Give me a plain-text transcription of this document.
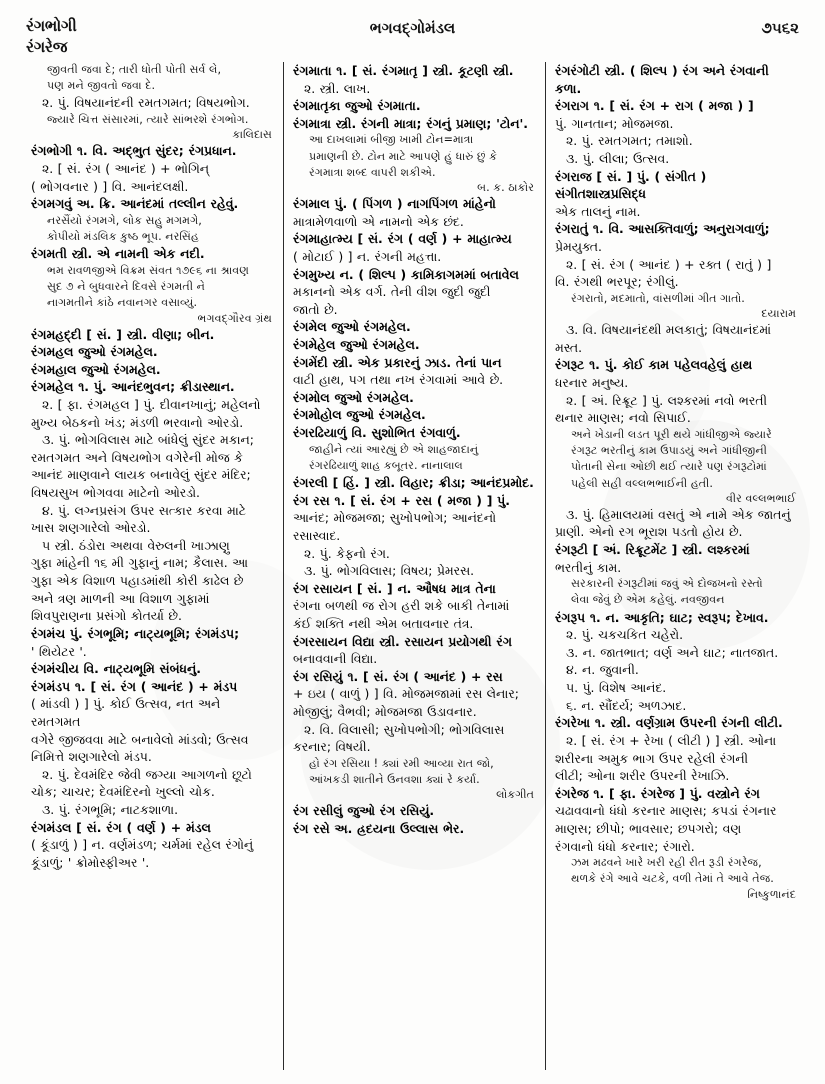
રંગભોગી
રંગરેજ
ભગવદ્ગોમંડલ	૭૫૬૨
જીવતી જવા દે; તારી ધોતી પોતી સર્વ લે,
પણ મને જીવતો જવા દે.
૨. પું. વિષયાનંદની રમતગમત; વિષયભોગ.
જ્યારે ચિત્ત સંસારમાં, ત્યારે સાંભરશે રંગભોગ.
કાલિદાસ
રંગભોગી ૧. વિ. અદ્ભુત સુંદર; રંગપ્રધાન.
૨. [ સં. રંગ ( આનંદ ) + ભોગિન્
( ભોગવનાર ) ] વિ. આનંદલક્ષી.
રંગમગવું અ. ક્રિ. આનંદમાં તલ્લીન રહેવું.
નરસૈંયો રંગમગે, લોક સહુ મગમગે,
કોપીયો મંડલિક કુષ્ઠ ભૂપ. નરસિંહ
રંગમતી સ્ત્રી. એ નામની એક નદી.
ભમ રાવળજીએ વિક્રમ સંવત ૧૭૯૬ ના શ્રાવણ
સુદ ૭ ને બુધવારને દિવસે રંગમતી ને
નાગમતીને કાંઠે નવાનગર વસાવ્યું.
ભગવદ્ગૌરવ ગ્રંથ
રંગમહદ્દી [ સં. ] સ્ત્રી. વીણા; બીન.
રંગમહલ જુઓ રંગમહેલ.
રંગમહાલ જુઓ રંગમહેલ.
રંગમહેલ ૧. પું. આનંદભુવન; ક્રીડાસ્થાન.
૨. [ ફા. રંગમહલ ] પું. દીવાનખાનું; મહેલનો
મુખ્ય બેઠકનો ખંડ; મંડળી ભરવાનો ઓરડો.
૩. પું. ભોગવિલાસ માટે બાંધેલું સુંદર મકાન;
રમતગમત અને વિષયભોગ વગેરેની મોજ કે
આનંદ માણવાને લાયક બનાવેલું સુંદર મંદિર;
વિષયસુખ ભોગવવા માટેનો ઓરડો.
૪. પું. લગ્નપ્રસંગ ઉપર સત્કાર કરવા માટે
ખાસ શણગારેલો ઓરડો.
૫ સ્ત્રી. ઠંડોરા અથવા વેરુલની ખાઝાણુ
ગુફા માંહેની ૧૬ મી ગુફાનું નામ; કૈલાસ. આ
ગુફા એક વિશાળ પહાડમાંથી કોરી કાઢેલ છે
અને ત્રણ માળની આ વિશાળ ગુફામાં
શિવપુરાણના પ્રસંગો કોતર્યા છે.
રંગમંચ પું. રંગભૂમિ; નાટ્યભૂમિ; રંગમંડપ;
' થિયેટર '.
રંગમંચીય વિ. નાટ્યભૂમિ સંબંધનું.
રંગમંડપ ૧. [ સં. રંગ ( આનંદ ) + મંડપ
( માંડવી ) ] પું. કોઈ ઉત્સવ, નત અને રમતગમત
વગેરે જીજવવા માટે બનાવેલો માંડવો; ઉત્સવ
નિમિત્તે શણગારેલો મંડપ.
૨. પું. દેવમંદિર જેવી જગ્યા આગળનો છૂટો
ચોક; ચાચર; દેવમંદિરનો ખુલ્લો ચોક.
૩. પું. રંગભૂમિ; નાટકશાળા.
રંગમંડલ [ સં. રંગ ( વર્ણ ) + મંડલ
( કૂંડાળું ) ] ન. વર્ણમંડળ; ચર્મમાં રહેલ રંગોનું
કૂંડાળું; ' ક્રોમોસ્ફીઅર '.
રંગમાતા ૧. [ સં. રંગમાતૃ ] સ્ત્રી. કૂટણી સ્ત્રી.
૨. સ્ત્રી. લાખ.
રંગમાતૃકા જુઓ રંગમાતા.
રંગમાત્રા સ્ત્રી. રંગની માત્રા; રંગનું પ્રમાણ; 'ટોન'.
આ દાખલામાં બીજી ખામી ટોન=માત્રા
પ્રમાણની છે. ટોન માટે આપણે હું ધારું છું કે
રંગમાત્રા શબ્દ વાપરી શકીએ.
બ. ક. ઠાકોર
રંગમાલ પું. ( પિંગળ ) નાગપિંગળ માંહેનો
માત્રામેળવાળો એ નામનો એક છંદ.
રંગમાહાત્મ્ય [ સં. રંગ ( વર્ણ ) + માહાત્મ્ય
( મોટાઈ ) ] ન. રંગની મહત્તા.
રંગમુખ્ય ન. ( શિલ્પ ) કામિકાગમમાં બતાવેલ
મકાનનો એક વર્ગ. તેની વીશ જુદી જુદી
જાતો છે.
રંગમેલ જુઓ રંગમહેલ.
રંગમેહેલ જુઓ રંગમહેલ.
રંગમેંદી સ્ત્રી. એક પ્રકારનું ઝાડ. તેનાં પાન
વાટી હાથ, પગ તથા નખ રંગવામાં આવે છે.
રંગમોલ જુઓ રંગમહેલ.
રંગમોહોલ જુઓ રંગમહેલ.
રંગરઢિયાળું વિ. સુશોભિત રંગવાળું.
જાહીને ત્યાં આરહ્યું છે એ શાહજાદાનું
રંગરઢિયાળું શાહ કબૂતર. નાનાલાલ
રંગરલી [ હિં. ] સ્ત્રી. વિહાર; ક્રીડા; આનંદપ્રમોદ.
રંગ રસ ૧. [ સં. રંગ + રસ ( મજા ) ] પું.
આનંદ; મોજમજા; સુખોપભોગ; આનંદનો
રસાસ્વાદ.
૨. પું. કેફનો રંગ.
૩. પું. ભોગવિલાસ; વિષય; પ્રેમરસ.
રંગ રસાયન [ સં. ] ન. ઔષધ માત્ર તેના
રંગના બળથી જ રોગ હરી શકે બાકી તેનામાં
કંઈ શક્તિ નથી એમ બતાવનાર તંત્ર.
રંગરસાયન વિદ્યા સ્ત્રી. રસાયન પ્રયોગથી રંગ
બનાવવાની વિદ્યા.
રંગ રસિયું ૧. [ સં. રંગ ( આનંદ ) + રસ
+ ઇય ( વાળું ) ] વિ. મોજમજામાં રસ લેનાર;
મોજીલું; વૈભવી; મોજમજા ઉડાવનાર.
૨. વિ. વિલાસી; સુખોપભોગી; ભોગવિલાસ
કરનાર; વિષયી.
હો રંગ રસિયા ! ક્યાં રમી આવ્યા રાત જો,
આંખકડી શાતીને ઉનવશા ક્યાં રે કર્યા.
લોકગીત
રંગ રસીલું જુઓ રંગ રસિયું.
રંગ રસે અ. હ્રદયના ઉલ્લાસ ભેર.
રંગરંગોટી સ્ત્રી. ( શિલ્પ ) રંગ અને રંગવાની કળા.
રંગરાગ ૧. [ સં. રંગ + રાગ ( મજા ) ]
પું. ગાનતાન; મોજમજા.
૨. પું. રમતગમત; તમાશો.
૩. પું. લીલા; ઉત્સવ.
રંગરાજ [ સં. ] પું. ( સંગીત ) સંગીતશાસ્ત્રપ્રસિદ્ધ
એક તાલનું નામ.
રંગરાતું ૧. વિ. આસક્તિવાળું; અનુરાગવાળું;
પ્રેમયુક્ત.
૨. [ સં. રંગ ( આનંદ ) + રક્ત ( રાતું ) ]
વિ. રંગથી ભરપૂર; રંગીલું.
રંગરાતો, મદમાતો, વાંસળીમાં ગીત ગાતો.
દયારામ
૩. વિ. વિષયાનંદથી મલકાતું; વિષયાનંદમાં
મસ્ત.
રંગરૂટ ૧. પું. કોઈ કામ પહેલવહેલું હાથ
ધરનાર મનુષ્ય.
૨. [ અં. રિક્રૂટ ] પું. લશ્કરમાં નવો ભરતી
થનાર માણસ; નવો સિપાઈ.
અને ખેડાની લડત પૂરી થયે ગાંધીજીએ જ્યારે
રંગરૂટ ભરતીનું કામ ઉપાડયું અને ગાંધીજીની
પોતાની સેના ઓછી થઈ ત્યારે પણ રંગરૂટોમાં
પહેલી સહી વલ્લભભાઈની હતી.
વીર વલ્લભભાઈ
૩. પું. હિમાલયમાં વસતું એ નામે એક જાતનું
પ્રાણી. એનો રગ ભૂરાશ પડતો હોય છે.
રંગરૂટી [ અં. રિક્રૂટમેંટ ] સ્ત્રી. લશ્કરમાં
ભરતીનું કામ.
સરકારની રંગરૂટીમાં જવું એ દોજખનો રસ્તો
લેવા જેવું છે એમ કહેલું. નવજીવન
રંગરૂપ ૧. ન. આકૃતિ; ઘાટ; સ્વરૂપ; દેખાવ.
૨. પું. ચકચકિત ચહેરો.
૩. ન. જાતભાત; વર્ણ અને ઘાટ; નાતજાત.
૪. ન. જુવાની.
૫. પું. વિશેષ આનંદ.
૬. ન. સૌંદર્ય; અળઝાદ.
રંગરેખા ૧. સ્ત્રી. વર્ણગ્રામ ઉપરની રંગની લીટી.
૨. [ સં. રંગ + રેખા ( લીટી ) ] સ્ત્રી. ઓના
શરીરના અમુક ભાગ ઉપર રહેલી રંગની
લીટી; ઓના શરીર ઉપરની રેખાઝિ.
રંગરેજ ૧. [ ફા. રંગરેજ ] પું. વસ્ત્રોને રંગ
ચઢાવવાનો ધંધો કરનાર માણસ; કપડાં રંગનાર
માણસ; છીપો; ભાવસાર; છપગરો; વણ
રંગવાનો ધંધો કરનાર; રંગારો.
ઝમ મઢવને ખારે ખરી રહી રીત રૂડી રંગરેજ,
થળકે રંગે આવે ચટકે, વળી તેમાં તે આવે તેજ.
નિષ્કુળાનંદ
